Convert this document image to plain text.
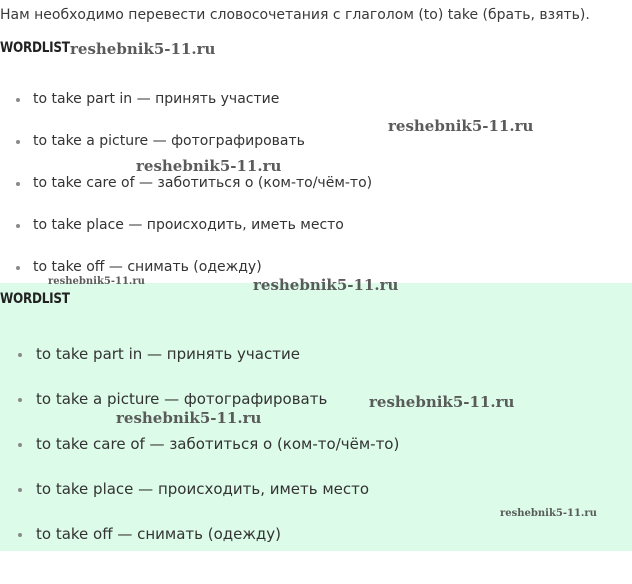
Нам необходимо перевести словосочетания с глаголом (to) take (брать, взять).
WORDLIST
to take part in — принять участие
to take a picture — фотографировать
to take care of — заботиться о (ком-то/чём-то)
to take place — происходить, иметь место
to take off — снимать (одежду)
WORDLIST
to take part in — принять участие
to take a picture — фотографировать
to take care of — заботиться о (ком-то/чём-то)
to take place — происходить, иметь место
to take off — снимать (одежду)
reshebnik5-11.ru
reshebnik5-11.ru
reshebnik5-11.ru
reshebnik5-11.ru	reshebnik5-11.ru
reshebnik5-11.ru
reshebnik5-11.ru
reshebnik5-11.ru
